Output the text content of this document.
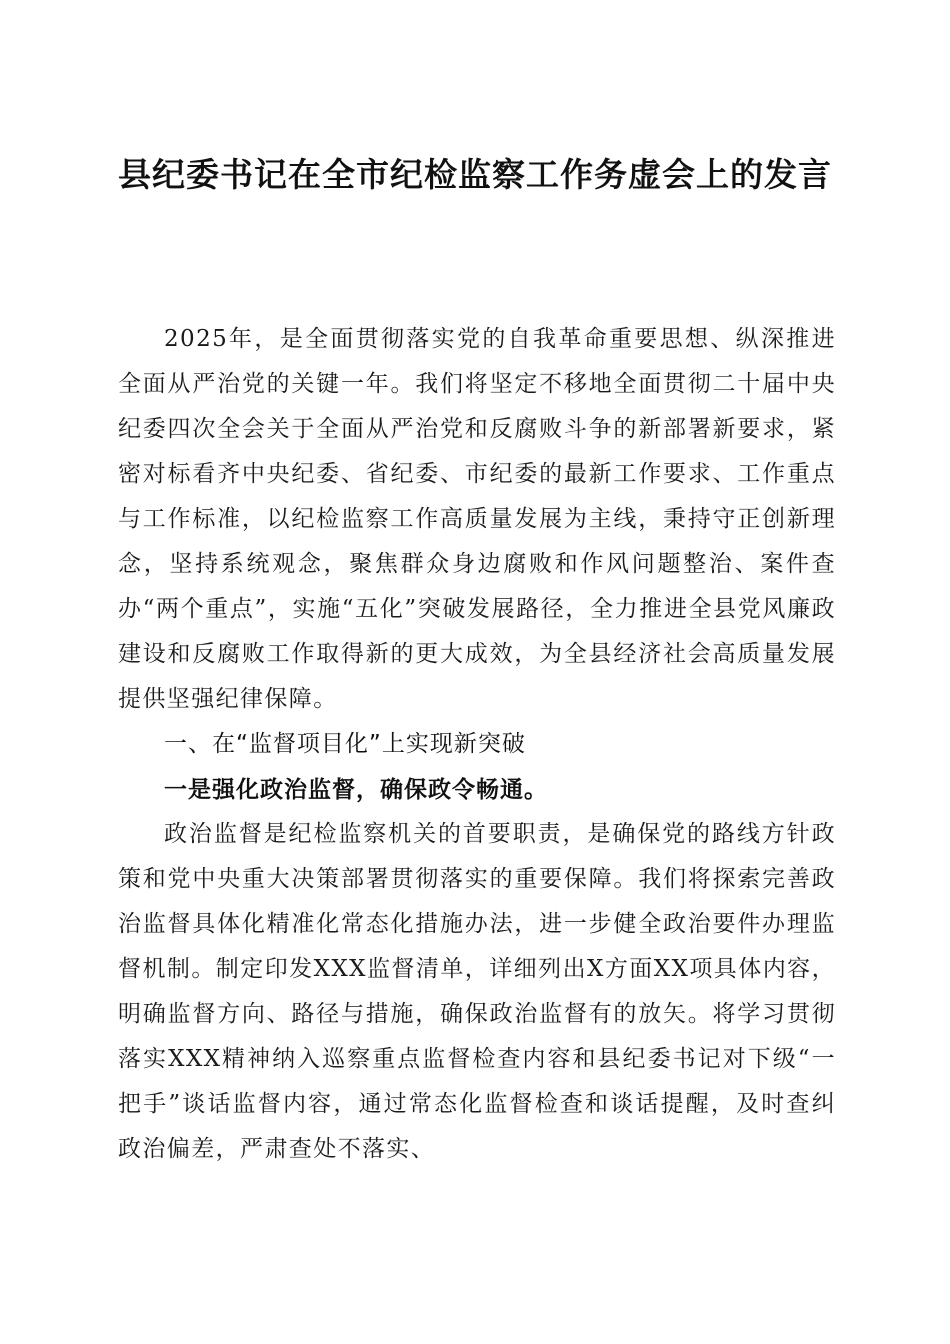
县纪委书记在全市纪检监察工作务虚会上的发言

2025年，是全面贯彻落实党的自我革命重要思想、纵深推进全面从严治党的关键一年。我们将坚定不移地全面贯彻二十届中央纪委四次全会关于全面从严治党和反腐败斗争的新部署新要求，紧密对标看齐中央纪委、省纪委、市纪委的最新工作要求、工作重点与工作标准，以纪检监察工作高质量发展为主线，秉持守正创新理念，坚持系统观念，聚焦群众身边腐败和作风问题整治、案件查办“两个重点”，实施“五化”突破发展路径，全力推进全县党风廉政建设和反腐败工作取得新的更大成效，为全县经济社会高质量发展提供坚强纪律保障。

一、在“监督项目化”上实现新突破

一是强化政治监督，确保政令畅通。

政治监督是纪检监察机关的首要职责，是确保党的路线方针政策和党中央重大决策部署贯彻落实的重要保障。我们将探索完善政治监督具体化精准化常态化措施办法，进一步健全政治要件办理监督机制。制定印发XXX监督清单，详细列出X方面XX项具体内容，明确监督方向、路径与措施，确保政治监督有的放矢。将学习贯彻落实XXX精神纳入巡察重点监督检查内容和县纪委书记对下级“一把手”谈话监督内容，通过常态化监督检查和谈话提醒，及时查纠政治偏差，严肃查处不落实、
